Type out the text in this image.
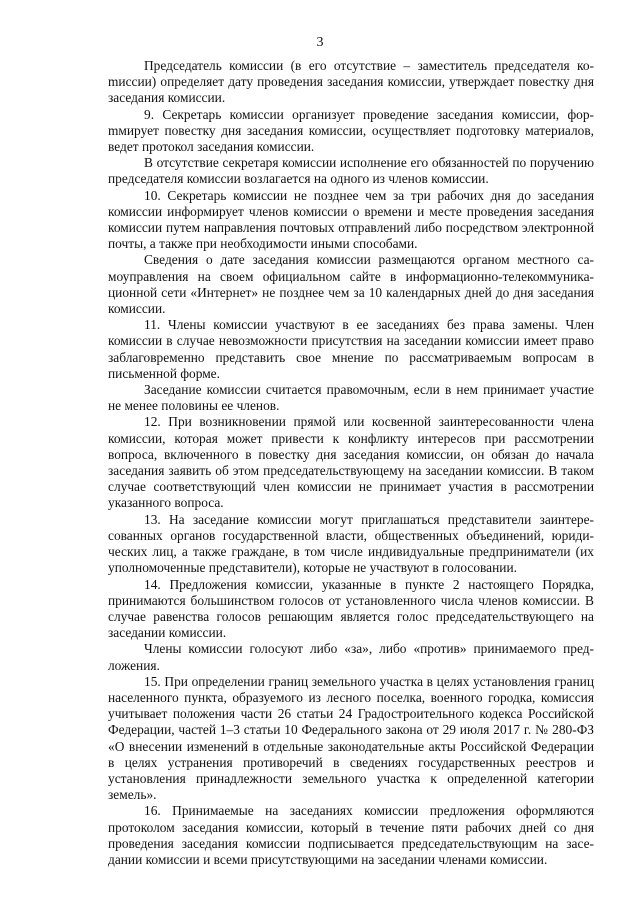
3

Председатель комиссии (в его отсутствие – заместитель председателя коmиссии) определяет дату проведения заседания комиссии, утверждает повестку дня заседания комиссии.

9. Секретарь комиссии организует проведение заседания комиссии, форmмирует повестку дня заседания комиссии, осуществляет подготовку материалов, ведет протокол заседания комиссии.

В отсутствие секретаря комиссии исполнение его обязанностей по поручению председателя комиссии возлагается на одного из членов комиссии.

10. Секретарь комиссии не позднее чем за три рабочих дня до заседания комиссии информирует членов комиссии о времени и месте проведения заседания комиссии путем направления почтовых отправлений либо посредством электронной почты, а также при необходимости иными способами.

Сведения о дате заседания комиссии размещаются органом местного самоуправления на своем официальном сайте в информационно-телекоммуникационной сети «Интернет» не позднее чем за 10 календарных дней до дня заседания комиссии.

11. Члены комиссии участвуют в ее заседаниях без права замены. Член комиссии в случае невозможности присутствия на заседании комиссии имеет право заблаговременно представить свое мнение по рассматриваемым вопросам в письменной форме.

Заседание комиссии считается правомочным, если в нем принимает участие не менее половины ее членов.

12. При возникновении прямой или косвенной заинтересованности члена комиссии, которая может привести к конфликту интересов при рассмотрении вопроса, включенного в повестку дня заседания комиссии, он обязан до начала заседания заявить об этом председательствующему на заседании комиссии. В таком случае соответствующий член комиссии не принимает участия в рассмотрении указанного вопроса.

13. На заседание комиссии могут приглашаться представители заинтересованных органов государственной власти, общественных объединений, юридических лиц, а также граждане, в том числе индивидуальные предприниматели (их уполномоченные представители), которые не участвуют в голосовании.

14. Предложения комиссии, указанные в пункте 2 настоящего Порядка, принимаются большинством голосов от установленного числа членов комиссии. В случае равенства голосов решающим является голос председательствующего на заседании комиссии.

Члены комиссии голосуют либо «за», либо «против» принимаемого предложения.

15. При определении границ земельного участка в целях установления границ населенного пункта, образуемого из лесного поселка, военного городка, комиссия учитывает положения части 26 статьи 24 Градостроительного кодекса Российской Федерации, частей 1–3 статьи 10 Федерального закона от 29 июля 2017 г. № 280-ФЗ «О внесении изменений в отдельные законодательные акты Российской Федерации в целях устранения противоречий в сведениях государственных реестров и установления принадлежности земельного участка к определенной категории земель».

16. Принимаемые на заседаниях комиссии предложения оформляются протоколом заседания комиссии, который в течение пяти рабочих дней со дня проведения заседания комиссии подписывается председательствующим на заседании комиссии и всеми присутствующими на заседании членами комиссии.
